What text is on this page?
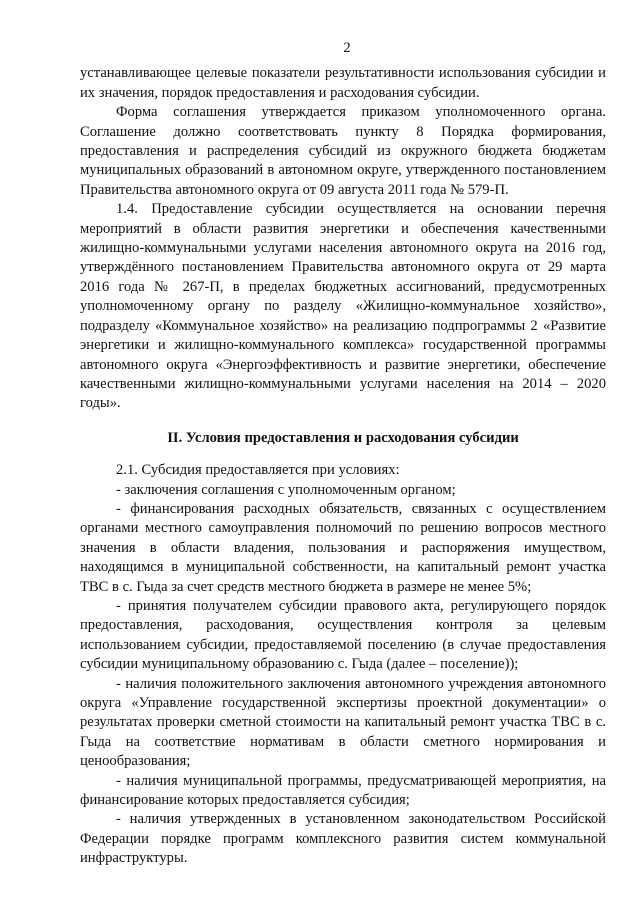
2

устанавливающее целевые показатели результативности использования субсидии и их значения, порядок предоставления и расходования субсидии.

Форма соглашения утверждается приказом уполномоченного органа. Соглашение должно соответствовать пункту 8 Порядка формирования, предоставления и распределения субсидий из окружного бюджета бюджетам муниципальных образований в автономном округе, утвержденного постановлением Правительства автономного округа от 09 августа 2011 года № 579-П.

1.4. Предоставление субсидии осуществляется на основании перечня мероприятий в области развития энергетики и обеспечения качественными жилищно-коммунальными услугами населения автономного округа на 2016 год, утверждённого постановлением Правительства автономного округа от 29 марта 2016 года № 267-П, в пределах бюджетных ассигнований, предусмотренных уполномоченному органу по разделу «Жилищно-коммунальное хозяйство», подразделу «Коммунальное хозяйство» на реализацию подпрограммы 2 «Развитие энергетики и жилищно-коммунального комплекса» государственной программы автономного округа «Энергоэффективность и развитие энергетики, обеспечение качественными жилищно-коммунальными услугами населения на 2014 – 2020 годы».

II. Условия предоставления и расходования субсидии

2.1. Субсидия предоставляется при условиях:

- заключения соглашения с уполномоченным органом;

- финансирования расходных обязательств, связанных с осуществлением органами местного самоуправления полномочий по решению вопросов местного значения в области владения, пользования и распоряжения имуществом, находящимся в муниципальной собственности, на капитальный ремонт участка ТВС в с. Гыда за счет средств местного бюджета в размере не менее 5%;

- принятия получателем субсидии правового акта, регулирующего порядок предоставления, расходования, осуществления контроля за целевым использованием субсидии, предоставляемой поселению (в случае предоставления субсидии муниципальному образованию с. Гыда (далее – поселение));

- наличия положительного заключения автономного учреждения автономного округа «Управление государственной экспертизы проектной документации» о результатах проверки сметной стоимости на капитальный ремонт участка ТВС в с. Гыда на соответствие нормативам в области сметного нормирования и ценообразования;

- наличия муниципальной программы, предусматривающей мероприятия, на финансирование которых предоставляется субсидия;

- наличия утвержденных в установленном законодательством Российской Федерации порядке программ комплексного развития систем коммунальной инфраструктуры.
